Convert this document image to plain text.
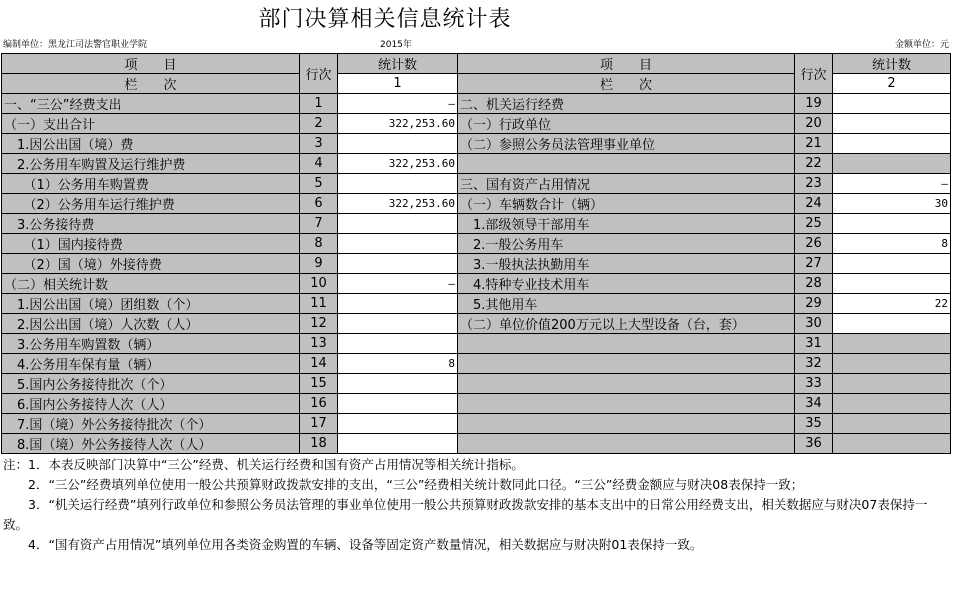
部门决算相关信息统计表
编制单位：黑龙江司法警官职业学院	2015年	金额单位：元
项　　目	行次	统计数	项　　目	行次	统计数
栏　　次		1	栏　　次		2
一、“三公”经费支出	1	—	二、机关运行经费	19	
（一）支出合计	2	322,253.60	（一）行政单位	20	
　1.因公出国（境）费	3		（二）参照公务员法管理事业单位	21	
　2.公务用车购置及运行维护费	4	322,253.60		22	
　　（1）公务用车购置费	5		三、国有资产占用情况	23	—
　　（2）公务用车运行维护费	6	322,253.60	（一）车辆数合计（辆）	24	30
　3.公务接待费	7		　1.部级领导干部用车	25	
　　（1）国内接待费	8		　2.一般公务用车	26	8
　　（2）国（境）外接待费	9		　3.一般执法执勤用车	27	
（二）相关统计数	10	—	　4.特种专业技术用车	28	
　1.因公出国（境）团组数（个）	11		　5.其他用车	29	22
　2.因公出国（境）人次数（人）	12		（二）单位价值200万元以上大型设备（台，套）	30	
　3.公务用车购置数（辆）	13			31	
　4.公务用车保有量（辆）	14	8		32	
　5.国内公务接待批次（个）	15			33	
　6.国内公务接待人次（人）	16			34	
　7.国（境）外公务接待批次（个）	17			35	
　8.国（境）外公务接待人次（人）	18			36	
注：1．本表反映部门决算中“三公”经费、机关运行经费和国有资产占用情况等相关统计指标。
　　2．“三公”经费填列单位使用一般公共预算财政拨款安排的支出，“三公”经费相关统计数同此口径。“三公”经费金额应与财决08表保持一致；
　　3．“机关运行经费”填列行政单位和参照公务员法管理的事业单位使用一般公共预算财政拨款安排的基本支出中的日常公用经费支出，相关数据应与财决07表保持一致。
　　4．“国有资产占用情况”填列单位用各类资金购置的车辆、设备等固定资产数量情况，相关数据应与财决附01表保持一致。
